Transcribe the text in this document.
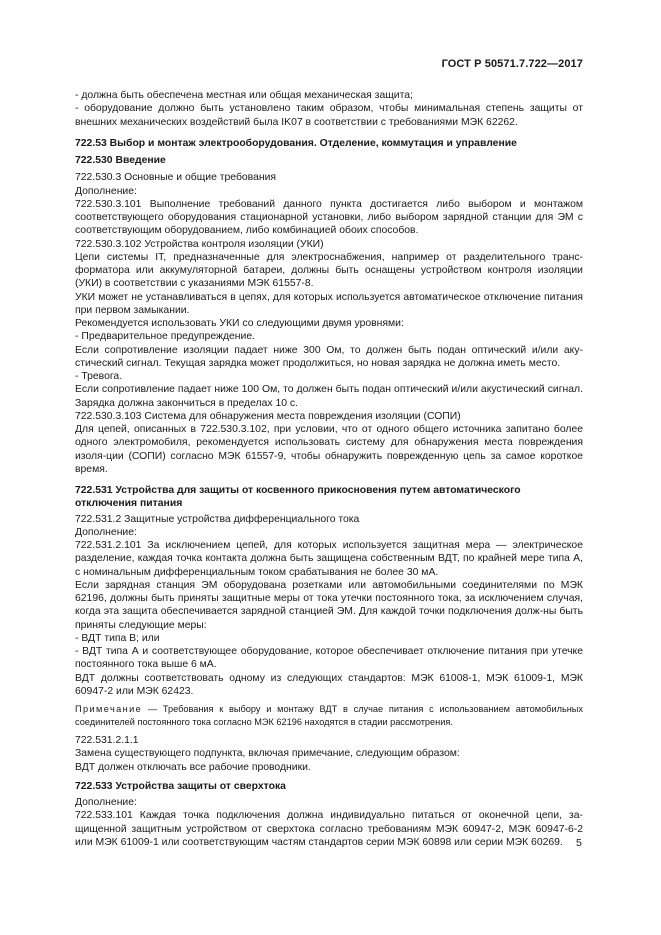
ГОСТ Р 50571.7.722—2017

- должна быть обеспечена местная или общая механическая защита;

- оборудование должно быть установлено таким образом, чтобы минимальная степень защиты от внешних механических воздействий была IK07 в соответствии с требованиями МЭК 62262.

722.53 Выбор и монтаж электрооборудования. Отделение, коммутация и управление

722.530 Введение

722.530.3 Основные и общие требования

Дополнение:

722.530.3.101 Выполнение требований данного пункта достигается либо выбором и монтажом соответствующего оборудования стационарной установки, либо выбором зарядной станции для ЭМ с соответствующим оборудованием, либо комбинацией обоих способов.

722.530.3.102 Устройства контроля изоляции (УКИ)

Цепи системы IT, предназначенные для электроснабжения, например от разделительного транс-форматора или аккумуляторной батареи, должны быть оснащены устройством контроля изоляции (УКИ) в соответствии с указаниями МЭК 61557-8.

УКИ может не устанавливаться в цепях, для которых используется автоматическое отключение питания при первом замыкании.

Рекомендуется использовать УКИ со следующими двумя уровнями:

- Предварительное предупреждение.

Если сопротивление изоляции падает ниже 300 Ом, то должен быть подан оптический и/или аку-стический сигнал. Текущая зарядка может продолжиться, но новая зарядка не должна иметь место.

- Тревога.

Если сопротивление падает ниже 100 Ом, то должен быть подан оптический и/или акустический сигнал. Зарядка должна закончиться в пределах 10 с.

722.530.3.103 Система для обнаружения места повреждения изоляции (СОПИ)

Для цепей, описанных в 722.530.3.102, при условии, что от одного общего источника запитано более одного электромобиля, рекомендуется использовать систему для обнаружения места повреждения изоля-ции (СОПИ) согласно МЭК 61557-9, чтобы обнаружить поврежденную цепь за самое короткое время.

722.531 Устройства для защиты от косвенного прикосновения путем автоматического отключения питания

722.531.2 Защитные устройства дифференциального тока

Дополнение:

722.531.2.101 За исключением цепей, для которых используется защитная мера — электрическое разделение, каждая точка контакта должна быть защищена собственным ВДТ, по крайней мере типа А, с номинальным дифференциальным током срабатывания не более 30 мА.

Если зарядная станция ЭМ оборудована розетками или автомобильными соединителями по МЭК 62196, должны быть приняты защитные меры от тока утечки постоянного тока, за исключением случая, когда эта защита обеспечивается зарядной станцией ЭМ. Для каждой точки подключения долж-ны быть приняты следующие меры:

- ВДТ типа В; или

- ВДТ типа А и соответствующее оборудование, которое обеспечивает отключение питания при утечке постоянного тока выше 6 мА.

ВДТ должны соответствовать одному из следующих стандартов: МЭК 61008-1, МЭК 61009-1, МЭК 60947-2 или МЭК 62423.

Примечание — Требования к выбору и монтажу ВДТ в случае питания с использованием автомобильных соединителей постоянного тока согласно МЭК 62196 находятся в стадии рассмотрения.

722.531.2.1.1

Замена существующего подпункта, включая примечание, следующим образом:

ВДТ должен отключать все рабочие проводники.

722.533 Устройства защиты от сверхтока

Дополнение:

722.533.101 Каждая точка подключения должна индивидуально питаться от оконечной цепи, за-щищенной защитным устройством от сверхтока согласно требованиям МЭК 60947-2, МЭК 60947-6-2 или МЭК 61009-1 или соответствующим частям стандартов серии МЭК 60898 или серии МЭК 60269.	5
